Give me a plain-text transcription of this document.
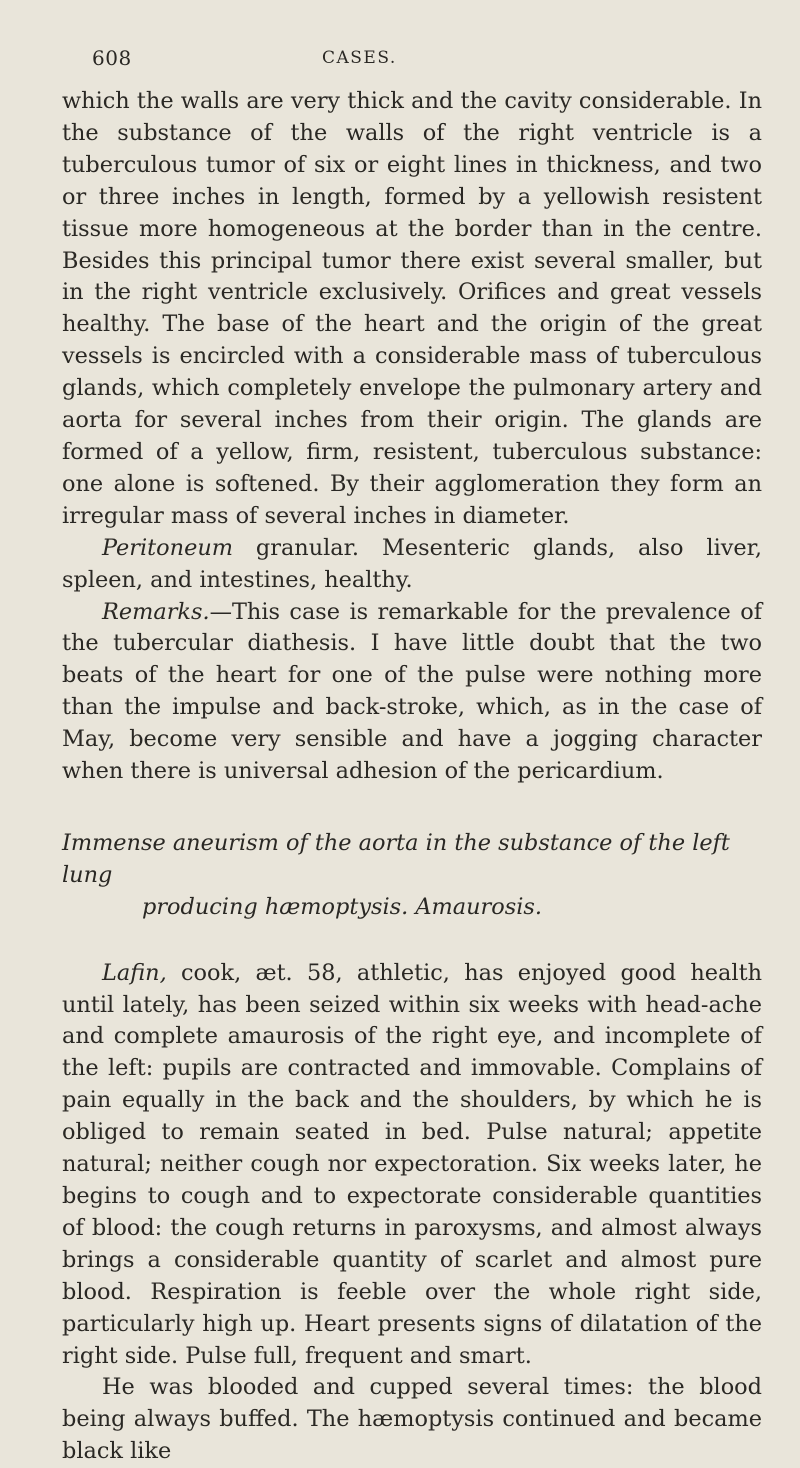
608	CASES.

which the walls are very thick and the cavity considerable. In the substance of the walls of the right ventricle is a tuberculous tumor of six or eight lines in thickness, and two or three inches in length, formed by a yellowish resistent tissue more homogeneous at the border than in the centre. Besides this principal tumor there exist several smaller, but in the right ventricle exclusively. Orifices and great vessels healthy. The base of the heart and the origin of the great vessels is encircled with a considerable mass of tuberculous glands, which completely envelope the pulmonary artery and aorta for several inches from their origin. The glands are formed of a yellow, firm, resistent, tuberculous substance: one alone is softened. By their agglomeration they form an irregular mass of several inches in diameter.

Peritoneum granular. Mesenteric glands, also liver, spleen, and intestines, healthy.

Remarks.—This case is remarkable for the prevalence of the tubercular diathesis. I have little doubt that the two beats of the heart for one of the pulse were nothing more than the impulse and back-stroke, which, as in the case of May, become very sensible and have a jogging character when there is universal adhesion of the pericardium.

Immense aneurism of the aorta in the substance of the left lung
producing hæmoptysis. Amaurosis.

Lafin, cook, æt. 58, athletic, has enjoyed good health until lately, has been seized within six weeks with head-ache and complete amaurosis of the right eye, and incomplete of the left: pupils are contracted and immovable. Complains of pain equally in the back and the shoulders, by which he is obliged to remain seated in bed. Pulse natural; appetite natural; neither cough nor expectoration. Six weeks later, he begins to cough and to expectorate considerable quantities of blood: the cough returns in paroxysms, and almost always brings a considerable quantity of scarlet and almost pure blood. Respiration is feeble over the whole right side, particularly high up. Heart presents signs of dilatation of the right side. Pulse full, frequent and smart.

He was blooded and cupped several times: the blood being always buffed. The hæmoptysis continued and became black like
